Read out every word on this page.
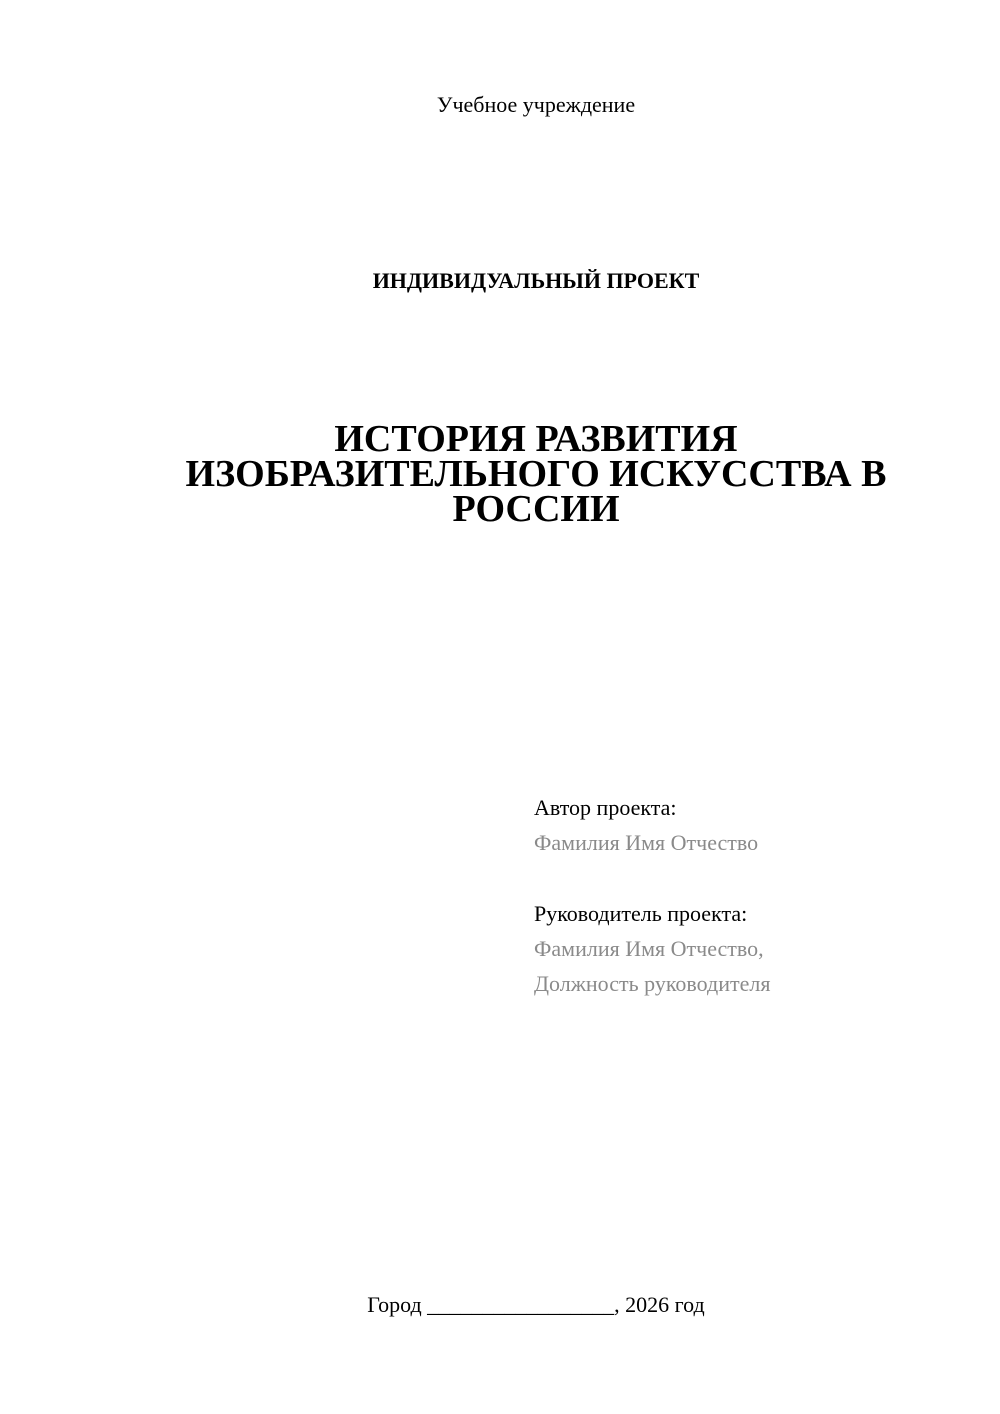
Учебное учреждение
ИНДИВИДУАЛЬНЫЙ ПРОЕКТ
ИСТОРИЯ РАЗВИТИЯ
ИЗОБРАЗИТЕЛЬНОГО ИСКУССТВА В
РОССИИ
Автор проекта:
Фамилия Имя Отчество
Руководитель проекта:
Фамилия Имя Отчество,
Должность руководителя
Город _________________, 2026 год
